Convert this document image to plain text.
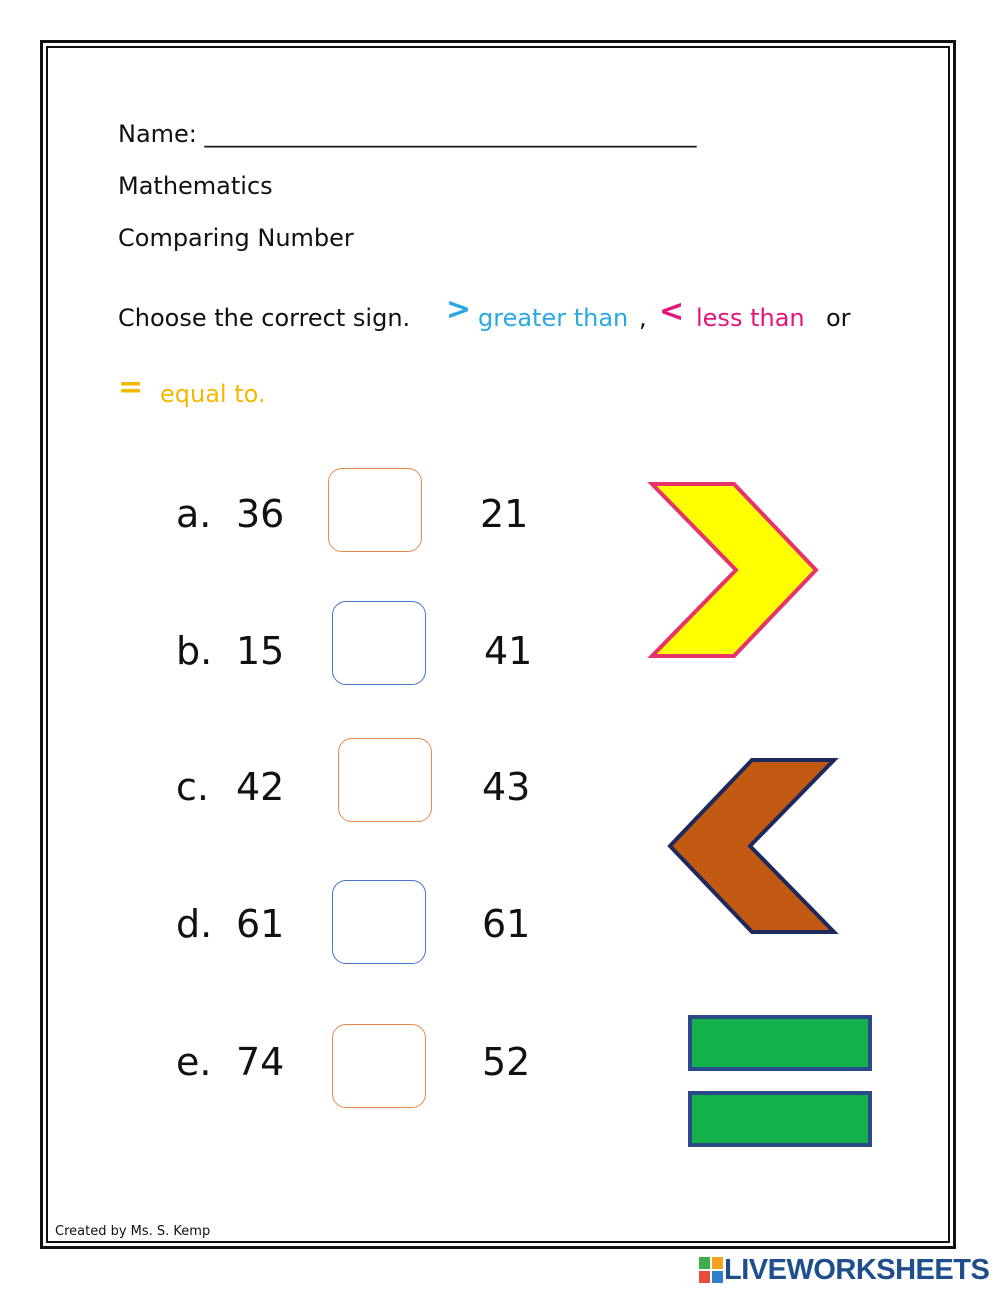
Name: _________________________________________
Mathematics
Comparing Number
Choose the correct sign. > greater than , < less than or
= equal to.
a. 36	21
b. 15	41
c. 42	43
d. 61	61
e. 74	52
Created by Ms. S. Kemp
LIVEWORKSHEETS
